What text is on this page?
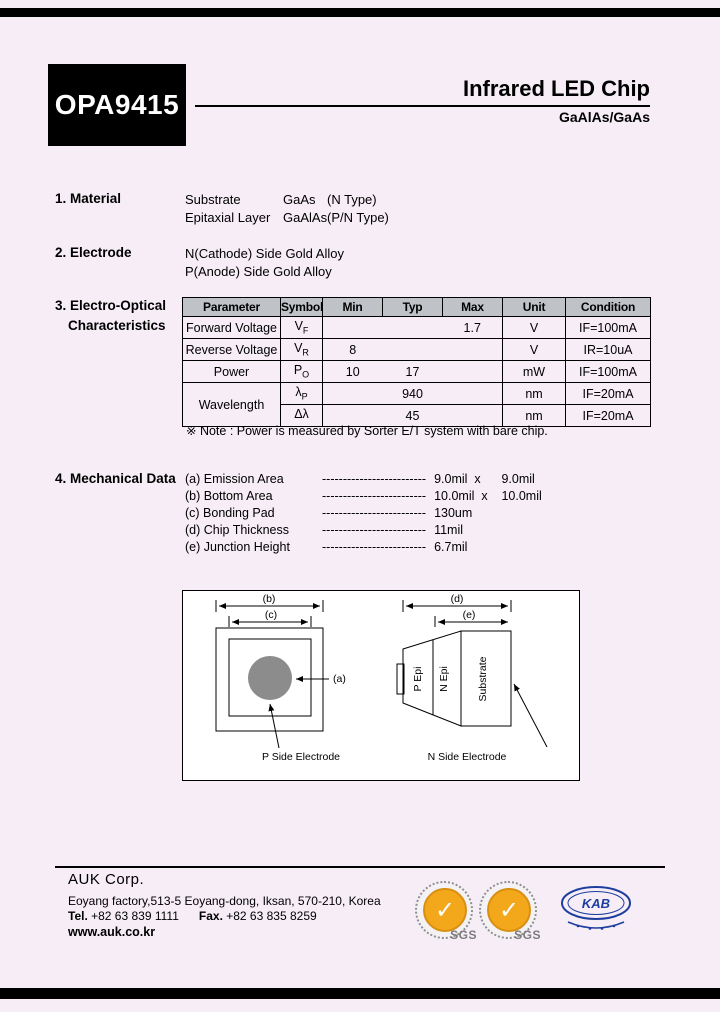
OPA9415
Infrared LED Chip
GaAlAs/GaAs
1. Material	Substrate	GaAs (N Type)
Epitaxial Layer GaAlAs (P/N Type)
2. Electrode	N(Cathode) Side Gold Alloy
P(Anode) Side Gold Alloy
3. Electro-Optical
Characteristics
Parameter	Symbol	Min	Typ	Max	Unit	Condition
Forward Voltage	$V_F$			1.7	V	IF=100mA
Reverse Voltage	$V_R$	8			V	IR=10uA
Power	$P_O$	10	17		mW	IF=100mA
Wavelength	$\lambda_P$		940		nm	IF=20mA
	Δλ		45		nm	IF=20mA
※ Note : Power is measured by Sorter E/T system with bare chip.
4. Mechanical Data (a) Emission Area	------------------------- 9.0mil  x      9.0mil
(b) Bottom Area	------------------------- 10.0mil  x    10.0mil
(c) Bonding Pad	------------------------- 130um
(d) Chip Thickness	------------------------- 11mil
(e) Junction Height	------------------------- 6.7mil
(b)
(c)
(a)
P Side Electrode
(d)
(e)
P Epi N Epi	Substrate
N Side Electrode
AUK Corp.
Eoyang factory,513-5 Eoyang-dong, Iksan, 570-210, Korea
Tel. +82 63 839 1111 Fax. +82 63 835 8259
www.auk.co.kr
✓
SGS
✓
SGS
KAB
